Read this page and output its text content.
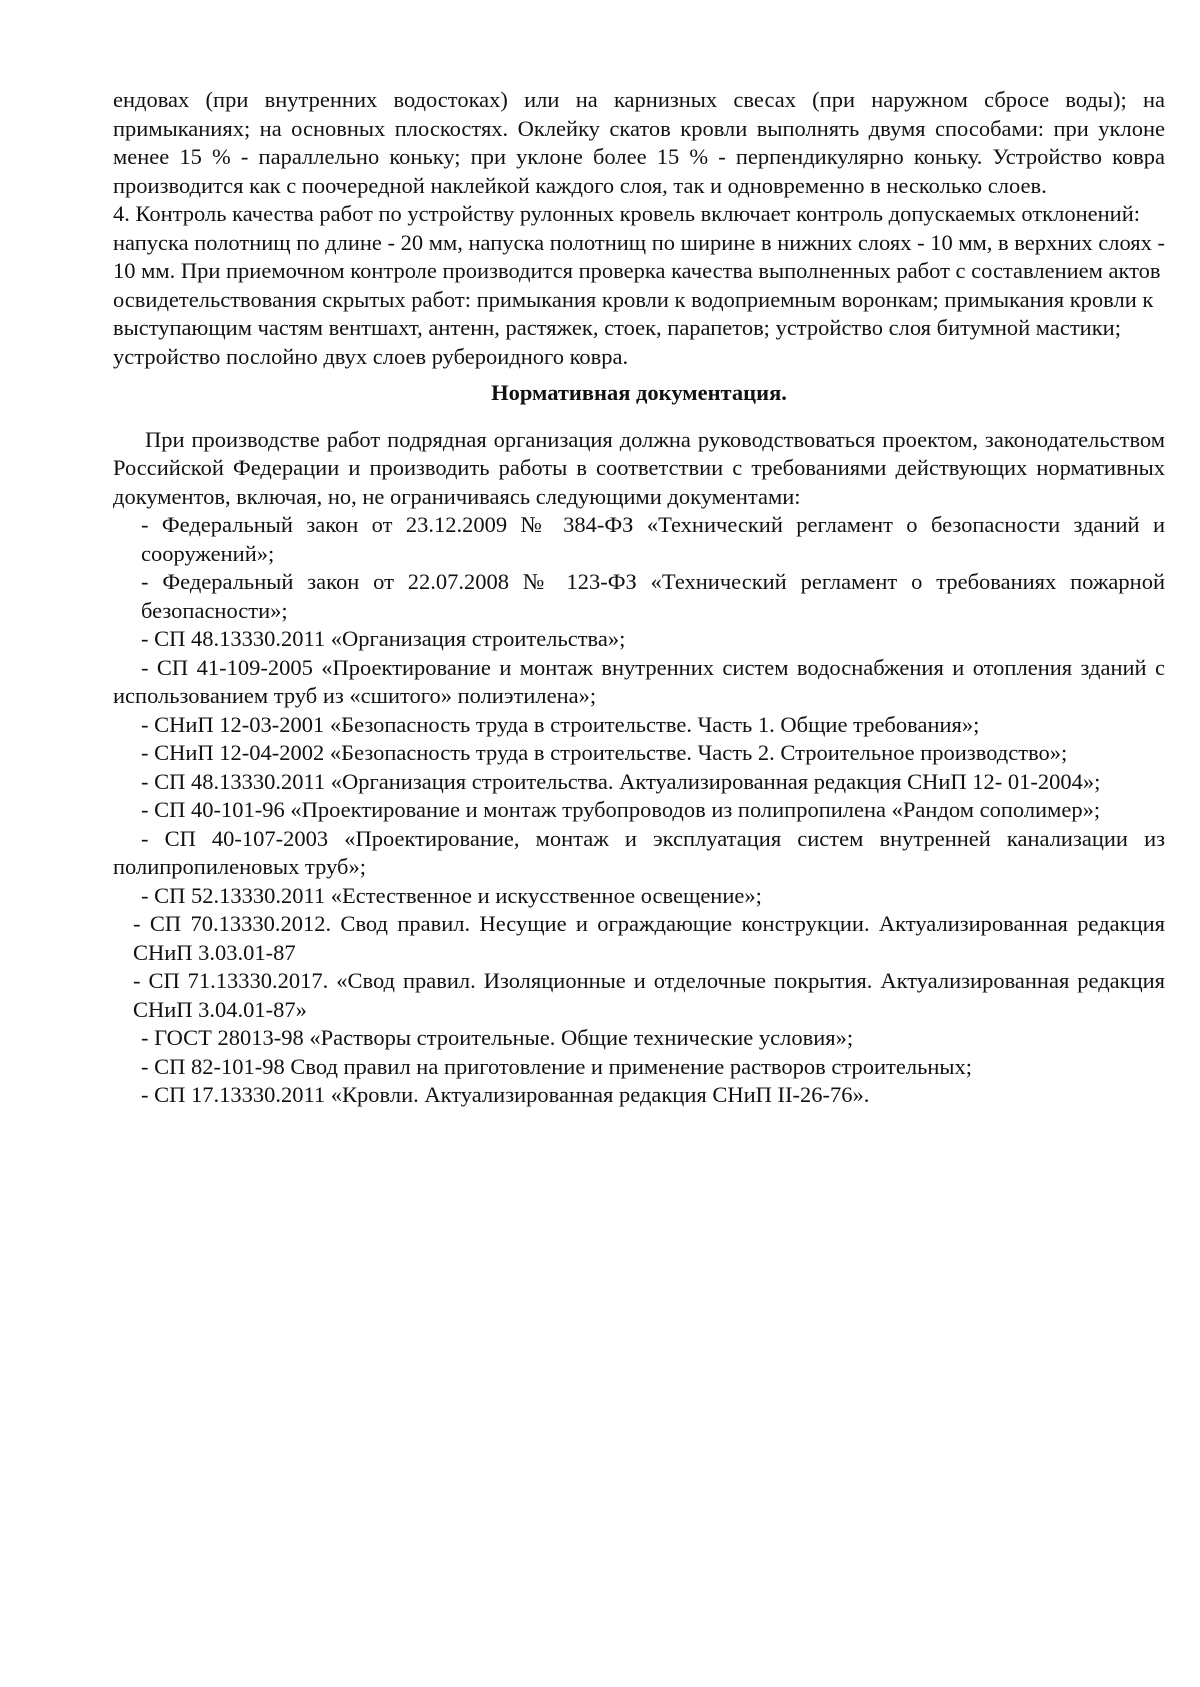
ендовах (при внутренних водостоках) или на карнизных свесах (при наружном сбросе воды); на примыканиях; на основных плоскостях. Оклейку скатов кровли выполнять двумя способами: при уклоне менее 15 % - параллельно коньку; при уклоне более 15 % - перпендикулярно коньку. Устройство ковра производится как с поочередной наклейкой каждого слоя, так и одновременно в несколько слоев.

4. Контроль качества работ по устройству рулонных кровель включает контроль допускаемых отклонений: напуска полотнищ по длине - 20 мм, напуска полотнищ по ширине в нижних слоях - 10 мм, в верхних слоях - 10 мм. При приемочном контроле производится проверка качества выполненных работ с составлением актов освидетельствования скрытых работ: примыкания кровли к водоприемным воронкам; примыкания кровли к выступающим частям вентшахт, антенн, растяжек, стоек, парапетов; устройство слоя битумной мастики; устройство послойно двух слоев рубероидного ковра.

Нормативная документация.

При производстве работ подрядная организация должна руководствоваться проектом, законодательством Российской Федерации и производить работы в соответствии с требованиями действующих нормативных документов, включая, но, не ограничиваясь следующими документами:

- Федеральный закон от 23.12.2009 № 384-ФЗ «Технический регламент о безопасности зданий и сооружений»;

- Федеральный закон от 22.07.2008 № 123-ФЗ «Технический регламент о требованиях пожарной безопасности»;

- СП 48.13330.2011 «Организация строительства»;

- СП 41-109-2005 «Проектирование и монтаж внутренних систем водоснабжения и отопления зданий с использованием труб из «сшитого» полиэтилена»;

- СНиП 12-03-2001 «Безопасность труда в строительстве. Часть 1. Общие требования»;

- СНиП 12-04-2002 «Безопасность труда в строительстве. Часть 2. Строительное производство»;

- СП 48.13330.2011 «Организация строительства. Актуализированная редакция СНиП 12- 01-2004»;

- СП 40-101-96 «Проектирование и монтаж трубопроводов из полипропилена «Рандом сополимер»;

- СП 40-107-2003 «Проектирование, монтаж и эксплуатация систем внутренней канализации из полипропиленовых труб»;

- СП 52.13330.2011 «Естественное и искусственное освещение»;

- СП 70.13330.2012. Свод правил. Несущие и ограждающие конструкции. Актуализированная редакция СНиП 3.03.01-87

- СП 71.13330.2017. «Свод правил. Изоляционные и отделочные покрытия. Актуализированная редакция СНиП 3.04.01-87»

- ГОСТ 28013-98 «Растворы строительные. Общие технические условия»;

- СП 82-101-98 Свод правил на приготовление и применение растворов строительных;

- СП 17.13330.2011 «Кровли. Актуализированная редакция СНиП II-26-76».
